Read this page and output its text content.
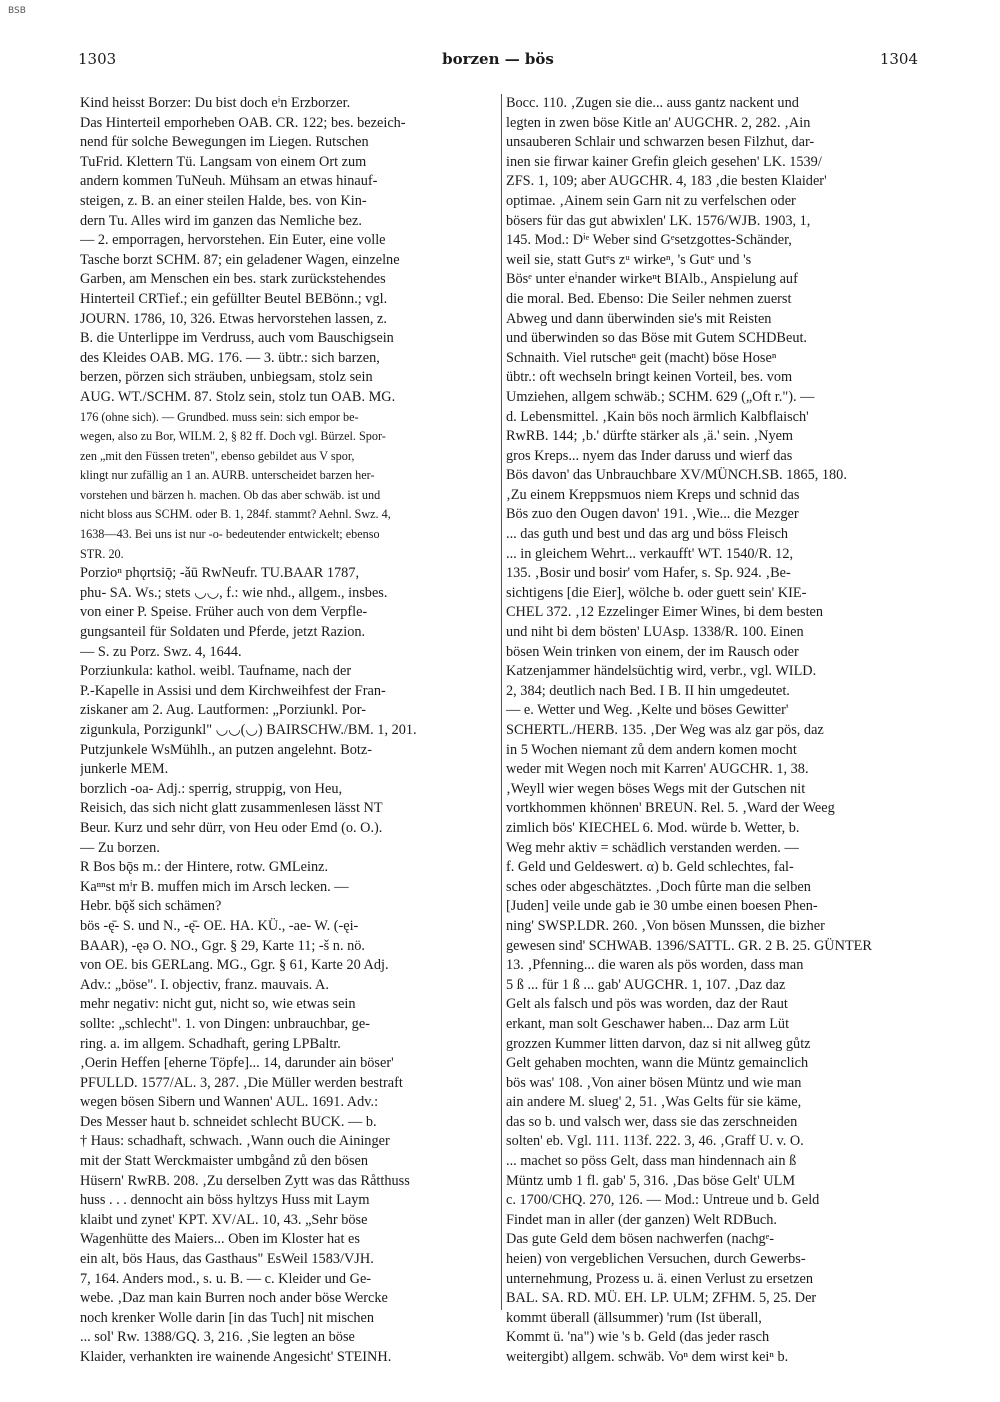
BSB
1303	borzen — bös	1304
Kind heisst Borzer: Du bist doch eⁱn Erzborzer.
Das Hinterteil emporheben OAB. CR. 122; bes. bezeich-
nend für solche Bewegungen im Liegen. Rutschen
TuFrid. Klettern Tü. Langsam von einem Ort zum
andern kommen TuNeuh. Mühsam an etwas hinauf-
steigen, z. B. an einer steilen Halde, bes. von Kin-
dern Tu. Alles wird im ganzen das Nemliche bez.
— 2. emporragen, hervorstehen. Ein Euter, eine volle
Tasche borzt SCHM. 87; ein geladener Wagen, einzelne
Garben, am Menschen ein bes. stark zurückstehendes
Hinterteil CRTief.; ein gefüllter Beutel BEBönn.; vgl.
JOURN. 1786, 10, 326. Etwas hervorstehen lassen, z.
B. die Unterlippe im Verdruss, auch vom Bauschigsein
des Kleides OAB. MG. 176. — 3. übtr.: sich barzen,
berzen, pörzen sich sträuben, unbiegsam, stolz sein
AUG. WT./SCHM. 87. Stolz sein, stolz tun OAB. MG.
176 (ohne sich). — Grundbed. muss sein: sich empor be-
wegen, also zu Bor, WILM. 2, § 82 ff. Doch vgl. Bürzel. Spor-
zen „mit den Füssen treten", ebenso gebildet aus V spor,
klingt nur zufällig an 1 an. AURB. unterscheidet barzen her-
vorstehen und bärzen h. machen. Ob das aber schwäb. ist und
nicht bloss aus SCHM. oder B. 1, 284f. stammt? Aehnl. Swz. 4,
1638—43. Bei uns ist nur -o- bedeutender entwickelt; ebenso
STR. 20.
Porzioⁿ phǫrtsiǭ; -ǎū RwNeufr. TU.BAAR 1787,
phu- SA. Ws.; stets ◡◡, f.: wie nhd., allgem., insbes.
von einer P. Speise. Früher auch von dem Verpfle-
gungsanteil für Soldaten und Pferde, jetzt Razion.
— S. zu Porz. Swz. 4, 1644.
Porziunkula: kathol. weibl. Taufname, nach der
P.-Kapelle in Assisi und dem Kirchweihfest der Fran-
ziskaner am 2. Aug. Lautformen: „Porziunkl. Por-
zigunkula, Porzigunkl" ◡◡(◡) BAIRSCHW./BM. 1, 201.
Putzjunkele WsMühlh., an putzen angelehnt. Botz-
junkerle MEM.
borzlich -oa- Adj.: sperrig, struppig, von Heu,
Reisich, das sich nicht glatt zusammenlesen lässt NT
Beur. Kurz und sehr dürr, von Heu oder Emd (o. O.).
— Zu borzen.
R Bos bǭs m.: der Hintere, rotw. GMLeinz.
Kaⁿⁿst mⁱr B. muffen mich im Arsch lecken. —
Hebr. bǭš sich schämen?
bös -ę̄- S. und N., -ę̄- OE. HA. KÜ., -ae- W. (-ęi-
BAAR), -ęə O. NO., Ggr. § 29, Karte 11; -š n. nö.
von OE. bis GERLang. MG., Ggr. § 61, Karte 20 Adj.
Adv.: „böse". I. objectiv, franz. mauvais. A.
mehr negativ: nicht gut, nicht so, wie etwas sein
sollte: „schlecht". 1. von Dingen: unbrauchbar, ge-
ring. a. im allgem. Schadhaft, gering LPBaltr.
‚Oerin Heffen [eherne Töpfe]... 14, darunder ain böser'
PFULLD. 1577/AL. 3, 287. ‚Die Müller werden bestraft
wegen bösen Sibern und Wannen' AUL. 1691. Adv.:
Des Messer haut b. schneidet schlecht BUCK. — b.
† Haus: schadhaft, schwach. ‚Wann ouch die Aininger
mit der Statt Werckmaister umbgånd zů den bösen
Hüsern' RwRB. 208. ‚Zu derselben Zytt was das Råtthuss
huss . . . dennocht ain böss hyltzys Huss mit Laym
klaibt und zynet' KPT. XV/AL. 10, 43. „Sehr böse
Wagenhütte des Maiers... Oben im Kloster hat es
ein alt, bös Haus, das Gasthaus" EsWeil 1583/VJH.
7, 164. Anders mod., s. u. B. — c. Kleider und Ge-
webe. ‚Daz man kain Burren noch ander böse Wercke
noch krenker Wolle darin [in das Tuch] nit mischen
... sol' Rw. 1388/GQ. 3, 216. ‚Sie legten an böse
Klaider, verhankten ire wainende Angesicht' STEINH.
Bocc. 110. ‚Zugen sie die... auss gantz nackent und
legten in zwen böse Kitle an' AUGCHR. 2, 282. ‚Ain
unsauberen Schlair und schwarzen besen Filzhut, dar-
inen sie firwar kainer Grefin gleich gesehen' LK. 1539/
ZFS. 1, 109; aber AUGCHR. 4, 183 ‚die besten Klaider'
optimae. ‚Ainem sein Garn nit zu verfelschen oder
bösers für das gut abwixlen' LK. 1576/WJB. 1903, 1,
145. Mod.: Dⁱᵉ Weber sind Gᵉsetzgottes-Schänder,
weil sie, statt Gutᵉs zᵘ wirkeⁿ, 's Gutᵉ und 's
Bösᵉ unter eⁱnander wirkeⁿt BIAlb., Anspielung auf
die moral. Bed. Ebenso: Die Seiler nehmen zuerst
Abweg und dann überwinden sie's mit Reisten
und überwinden so das Böse mit Gutem SCHDBeut.
Schnaith. Viel rutscheⁿ geit (macht) böse Hoseⁿ
übtr.: oft wechseln bringt keinen Vorteil, bes. vom
Umziehen, allgem schwäb.; SCHM. 629 („Oft r."). —
d. Lebensmittel. ‚Kain bös noch ärmlich Kalbflaisch'
RwRB. 144; ‚b.' dürfte stärker als ‚ä.' sein. ‚Nyem
gros Kreps... nyem das Inder daruss und wierf das
Bös davon' das Unbrauchbare XV/MÜNCH.SB. 1865, 180.
‚Zu einem Kreppsmuos niem Kreps und schnid das
Bös zuo den Ougen davon' 191. ‚Wie... die Mezger
... das guth und best und das arg und böss Fleisch
... in gleichem Wehrt... verkaufft' WT. 1540/R. 12,
135. ‚Bosir und bosir' vom Hafer, s. Sp. 924. ‚Be-
sichtigens [die Eier], wölche b. oder guett sein' KIE-
CHEL 372. ‚12 Ezzelinger Eimer Wines, bi dem besten
und niht bi dem bösten' LUAsp. 1338/R. 100. Einen
bösen Wein trinken von einem, der im Rausch oder
Katzenjammer händelsüchtig wird, verbr., vgl. WILD.
2, 384; deutlich nach Bed. I B. II hin umgedeutet.
— e. Wetter und Weg. ‚Kelte und böses Gewitter'
SCHERTL./HERB. 135. ‚Der Weg was alz gar pös, daz
in 5 Wochen niemant zů dem andern komen mocht
weder mit Wegen noch mit Karren' AUGCHR. 1, 38.
‚Weyll wier wegen böses Wegs mit der Gutschen nit
vortkhommen khönnen' BREUN. Rel. 5. ‚Ward der Weeg
zimlich bös' KIECHEL 6. Mod. würde b. Wetter, b.
Weg mehr aktiv = schädlich verstanden werden. —
f. Geld und Geldeswert. α) b. Geld schlechtes, fal-
sches oder abgeschätztes. ‚Doch fûrte man die selben
[Juden] veile unde gab ie 30 umbe einen boesen Phen-
ning' SWSP.LDR. 260. ‚Von bösen Munssen, die bizher
gewesen sind' SCHWAB. 1396/SATTL. GR. 2 B. 25. GÜNTER
13. ‚Pfenning... die waren als pös worden, dass man
5 ß ... für 1 ß ... gab' AUGCHR. 1, 107. ‚Daz daz
Gelt als falsch und pös was worden, daz der Raut
erkant, man solt Geschawer haben... Daz arm Lüt
grozzen Kummer litten darvon, daz si nit allweg gůtz
Gelt gehaben mochten, wann die Müntz gemainclich
bös was' 108. ‚Von ainer bösen Müntz und wie man
ain andere M. slueg' 2, 51. ‚Was Gelts für sie käme,
das so b. und valsch wer, dass sie das zerschneiden
solten' eb. Vgl. 111. 113f. 222. 3, 46. ‚Graff U. v. O.
... machet so pöss Gelt, dass man hindennach ain ß
Müntz umb 1 fl. gab' 5, 316. ‚Das böse Gelt' ULM
c. 1700/CHQ. 270, 126. — Mod.: Untreue und b. Geld
Findet man in aller (der ganzen) Welt RDBuch.
Das gute Geld dem bösen nachwerfen (nachgᵉ-
heien) von vergeblichen Versuchen, durch Gewerbs-
unternehmung, Prozess u. ä. einen Verlust zu ersetzen
BAL. SA. RD. MÜ. EH. LP. ULM; ZFHM. 5, 25. Der
kommt überall (ällsummer) 'rum (Ist überall,
Kommt ü. 'na") wie 's b. Geld (das jeder rasch
weitergibt) allgem. schwäb. Voⁿ dem wirst keiⁿ b.
